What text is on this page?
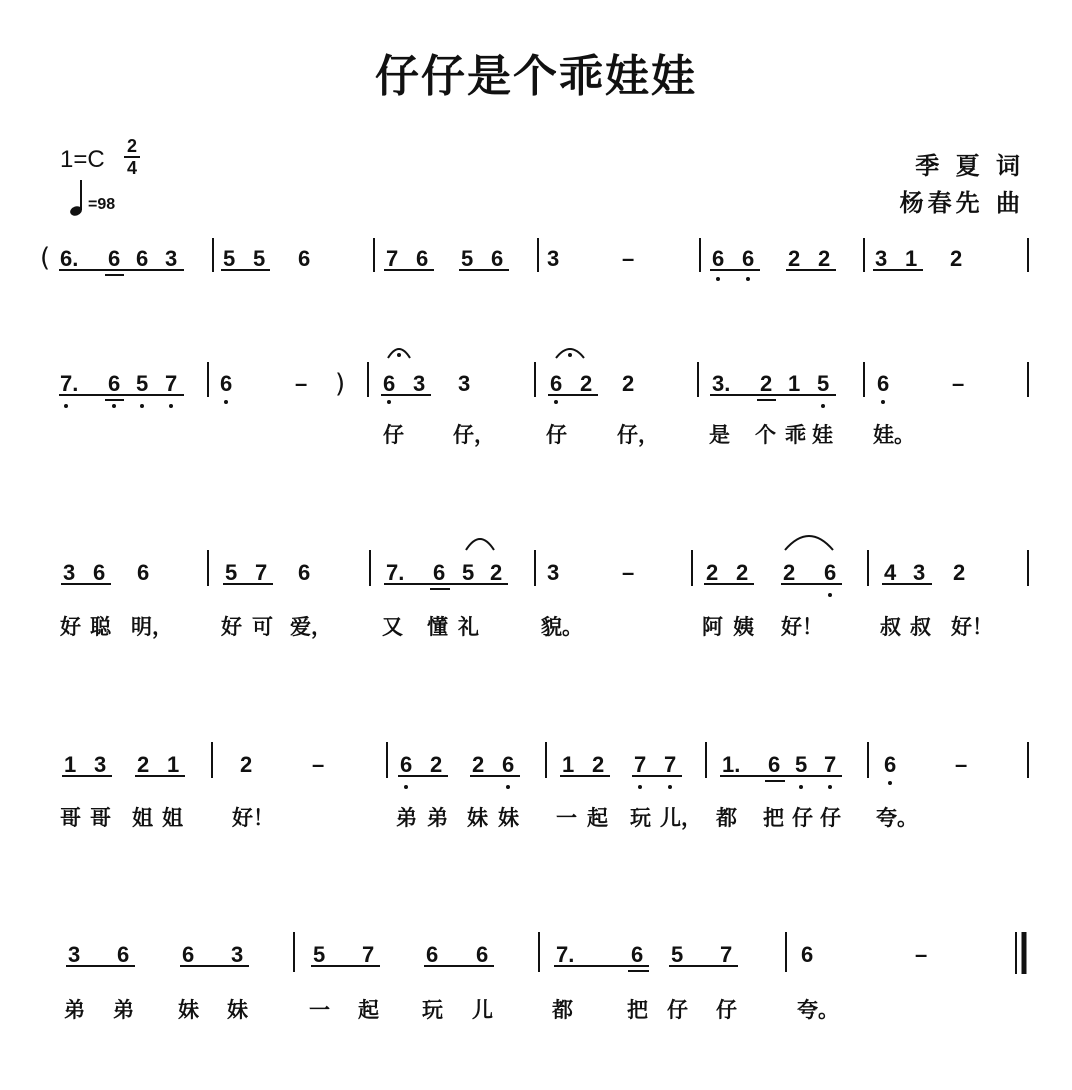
仔仔是个乖娃娃
1=C 2
4
=98
季 夏 词
杨春先 曲
( 6. 6 6 3 5 5 6	7 6 5 6 3	–	6 6 2 2 3 1 2
7. 6 5 7 6	– ) 6 3 3	6 2 2	3. 2 1 5 6	–
仔 仔， 仔 仔， 是 个 乖 娃 娃。
3 6 6	5 7 6	7. 6 5 2 3	–	2 2 2 6 4 3 2
好 聪 明， 好 可 爱， 又 懂 礼	貌。	阿 姨 好！	叔 叔 好！
1 3 2 1	2	–	6 2 2 6 1 2 7 7 1. 6 5 7 6	–
哥 哥 姐 姐 好！	弟 弟 妹 妹 一 起 玩 儿， 都 把 仔 仔 夸。
3 6 6 3	5 7 6 6	7.	6 5 7	6	–
弟 弟 妹 妹	一 起 玩 儿	都	把 仔 仔	夸。
